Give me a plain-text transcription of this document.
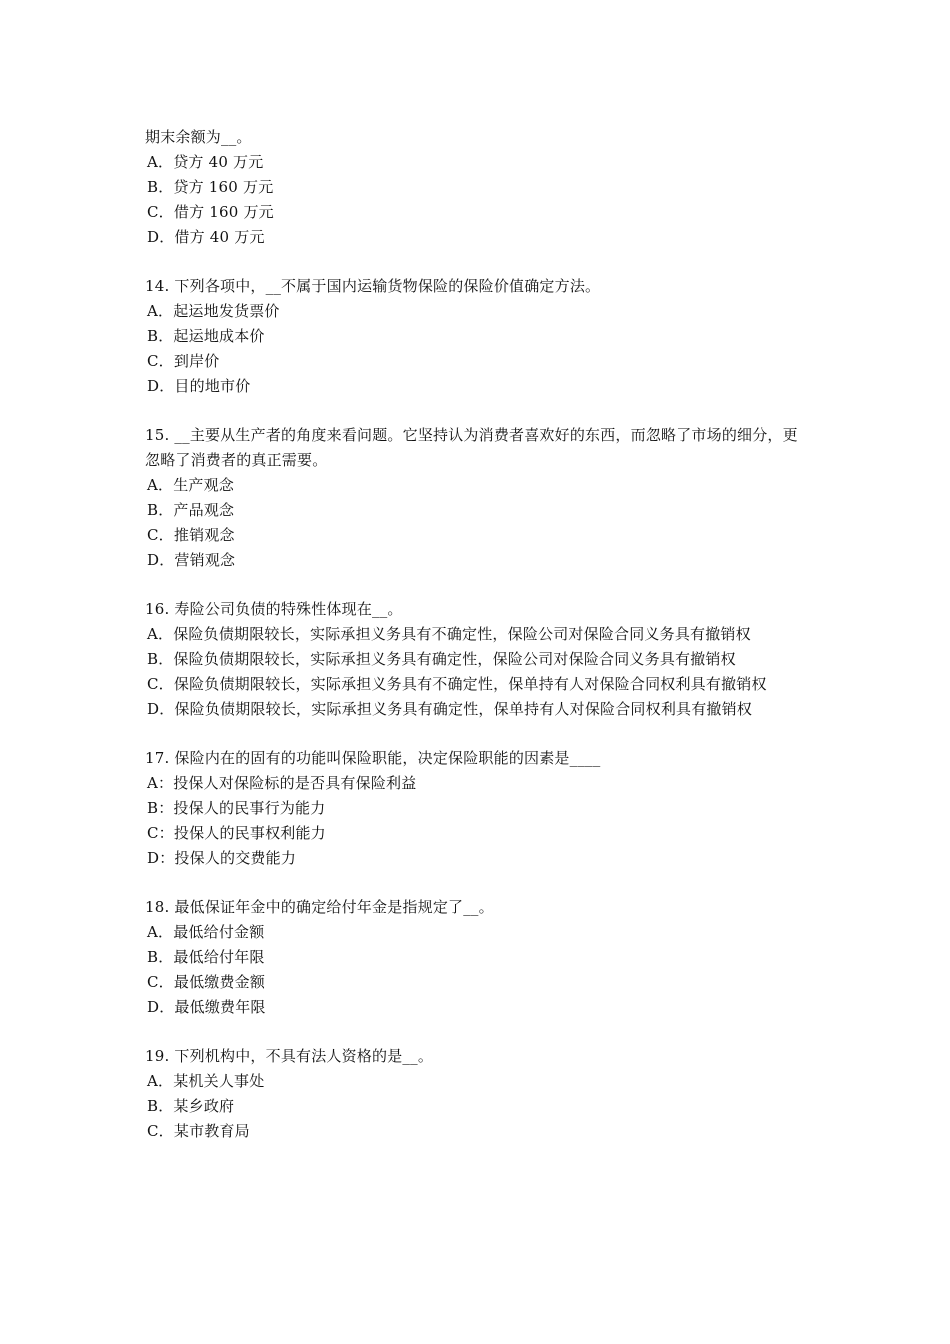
期末余额为__。
A．贷方 40 万元
B．贷方 160 万元
C．借方 160 万元
D．借方 40 万元
14. 下列各项中，__不属于国内运输货物保险的保险价值确定方法。
A．起运地发货票价
B．起运地成本价
C．到岸价
D．目的地市价
15. __主要从生产者的角度来看问题。它坚持认为消费者喜欢好的东西，而忽略了市场的细分，更忽略了消费者的真正需要。
A．生产观念
B．产品观念
C．推销观念
D．营销观念
16. 寿险公司负债的特殊性体现在__。
A．保险负债期限较长，实际承担义务具有不确定性，保险公司对保险合同义务具有撤销权
B．保险负债期限较长，实际承担义务具有确定性，保险公司对保险合同义务具有撤销权
C．保险负债期限较长，实际承担义务具有不确定性，保单持有人对保险合同权利具有撤销权
D．保险负债期限较长，实际承担义务具有确定性，保单持有人对保险合同权利具有撤销权
17. 保险内在的固有的功能叫保险职能，决定保险职能的因素是____
A：投保人对保险标的是否具有保险利益
B：投保人的民事行为能力
C：投保人的民事权利能力
D：投保人的交费能力
18. 最低保证年金中的确定给付年金是指规定了__。
A．最低给付金额
B．最低给付年限
C．最低缴费金额
D．最低缴费年限
19. 下列机构中，不具有法人资格的是__。
A．某机关人事处
B．某乡政府
C．某市教育局
